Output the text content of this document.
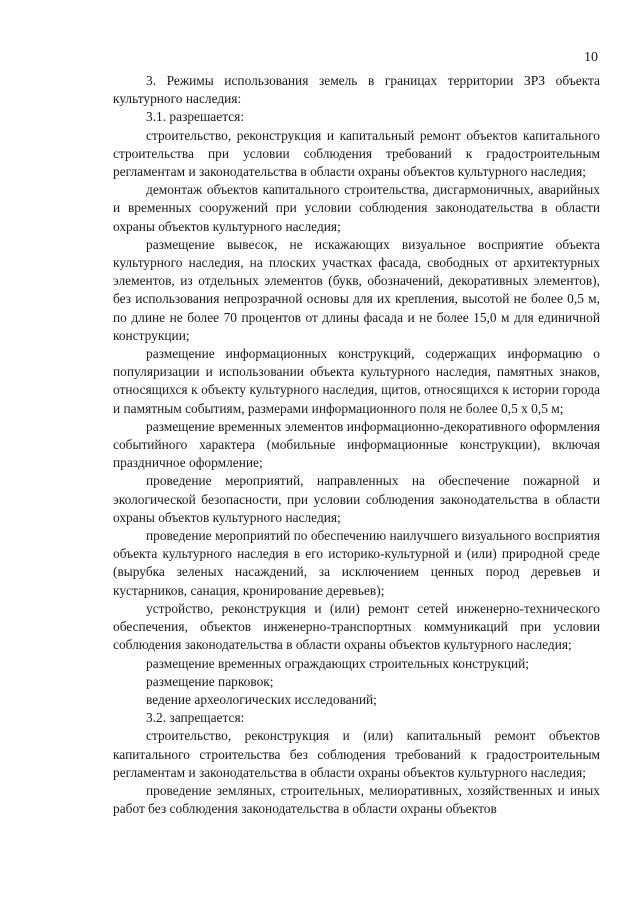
10

3. Режимы использования земель в границах территории ЗРЗ объекта культурного наследия:

3.1. разрешается:

строительство, реконструкция и капитальный ремонт объектов капитального строительства при условии соблюдения требований к градостроительным регламентам и законодательства в области охраны объектов культурного наследия;

демонтаж объектов капитального строительства, дисгармоничных, аварийных и временных сооружений при условии соблюдения законодательства в области охраны объектов культурного наследия;

размещение вывесок, не искажающих визуальное восприятие объекта культурного наследия, на плоских участках фасада, свободных от архитектурных элементов, из отдельных элементов (букв, обозначений, декоративных элементов), без использования непрозрачной основы для их крепления, высотой не более 0,5 м, по длине не более 70 процентов от длины фасада и не более 15,0 м для единичной конструкции;

размещение информационных конструкций, содержащих информацию о популяризации и использовании объекта культурного наследия, памятных знаков, относящихся к объекту культурного наследия, щитов, относящихся к истории города и памятным событиям, размерами информационного поля не более 0,5 х 0,5 м;

размещение временных элементов информационно-декоративного оформления событийного характера (мобильные информационные конструкции), включая праздничное оформление;

проведение мероприятий, направленных на обеспечение пожарной и экологической безопасности, при условии соблюдения законодательства в области охраны объектов культурного наследия;

проведение мероприятий по обеспечению наилучшего визуального восприятия объекта культурного наследия в его историко-культурной и (или) природной среде (вырубка зеленых насаждений, за исключением ценных пород деревьев и кустарников, санация, кронирование деревьев);

устройство, реконструкция и (или) ремонт сетей инженерно-технического обеспечения, объектов инженерно-транспортных коммуникаций при условии соблюдения законодательства в области охраны объектов культурного наследия;

размещение временных ограждающих строительных конструкций;

размещение парковок;

ведение археологических исследований;

3.2. запрещается:

строительство, реконструкция и (или) капитальный ремонт объектов капитального строительства без соблюдения требований к градостроительным регламентам и законодательства в области охраны объектов культурного наследия;

проведение земляных, строительных, мелиоративных, хозяйственных и иных работ без соблюдения законодательства в области охраны объектов
